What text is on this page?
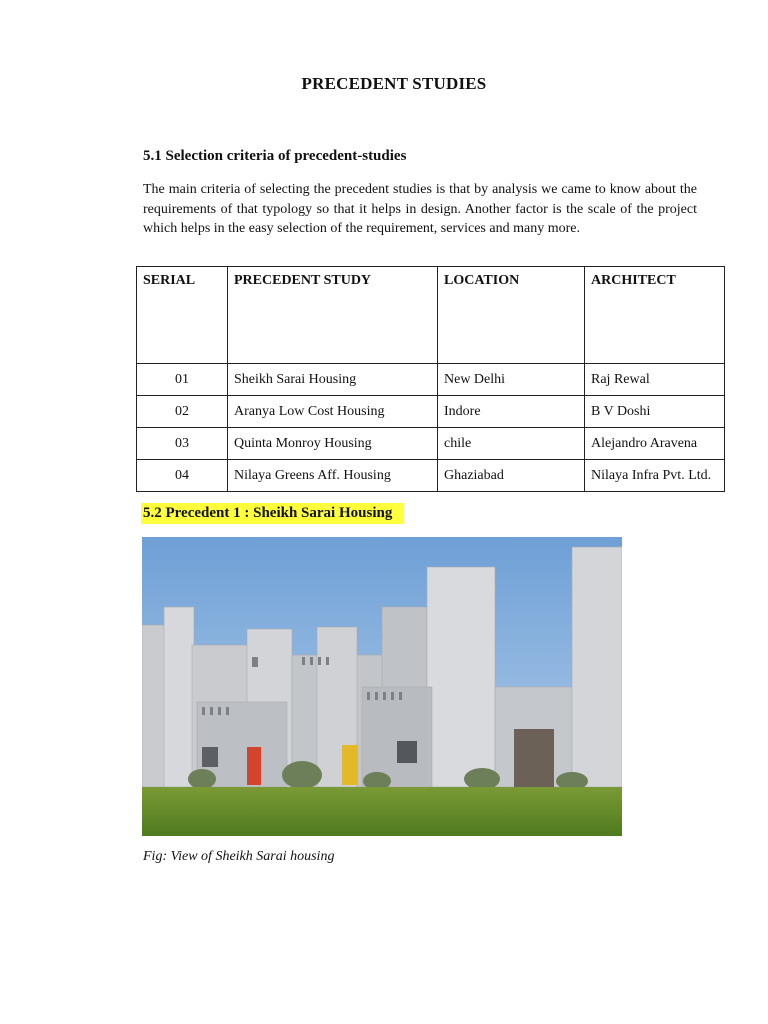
PRECEDENT STUDIES
5.1 Selection criteria of precedent-studies

The main criteria of selecting the precedent studies is that by analysis we came to know about the requirements of that typology so that it helps in design. Another factor is the scale of the project which helps in the easy selection of the requirement, services and many more.

SERIAL	PRECEDENT STUDY	LOCATION	ARCHITECT
01	Sheikh Sarai Housing	New Delhi	Raj Rewal
02	Aranya Low Cost Housing	Indore	B V Doshi
03	Quinta Monroy Housing	chile	Alejandro Aravena
04	Nilaya Greens Aff. Housing	Ghaziabad	Nilaya Infra Pvt. Ltd.
5.2 Precedent 1 : Sheikh Sarai Housing
Fig: View of Sheikh Sarai housing
